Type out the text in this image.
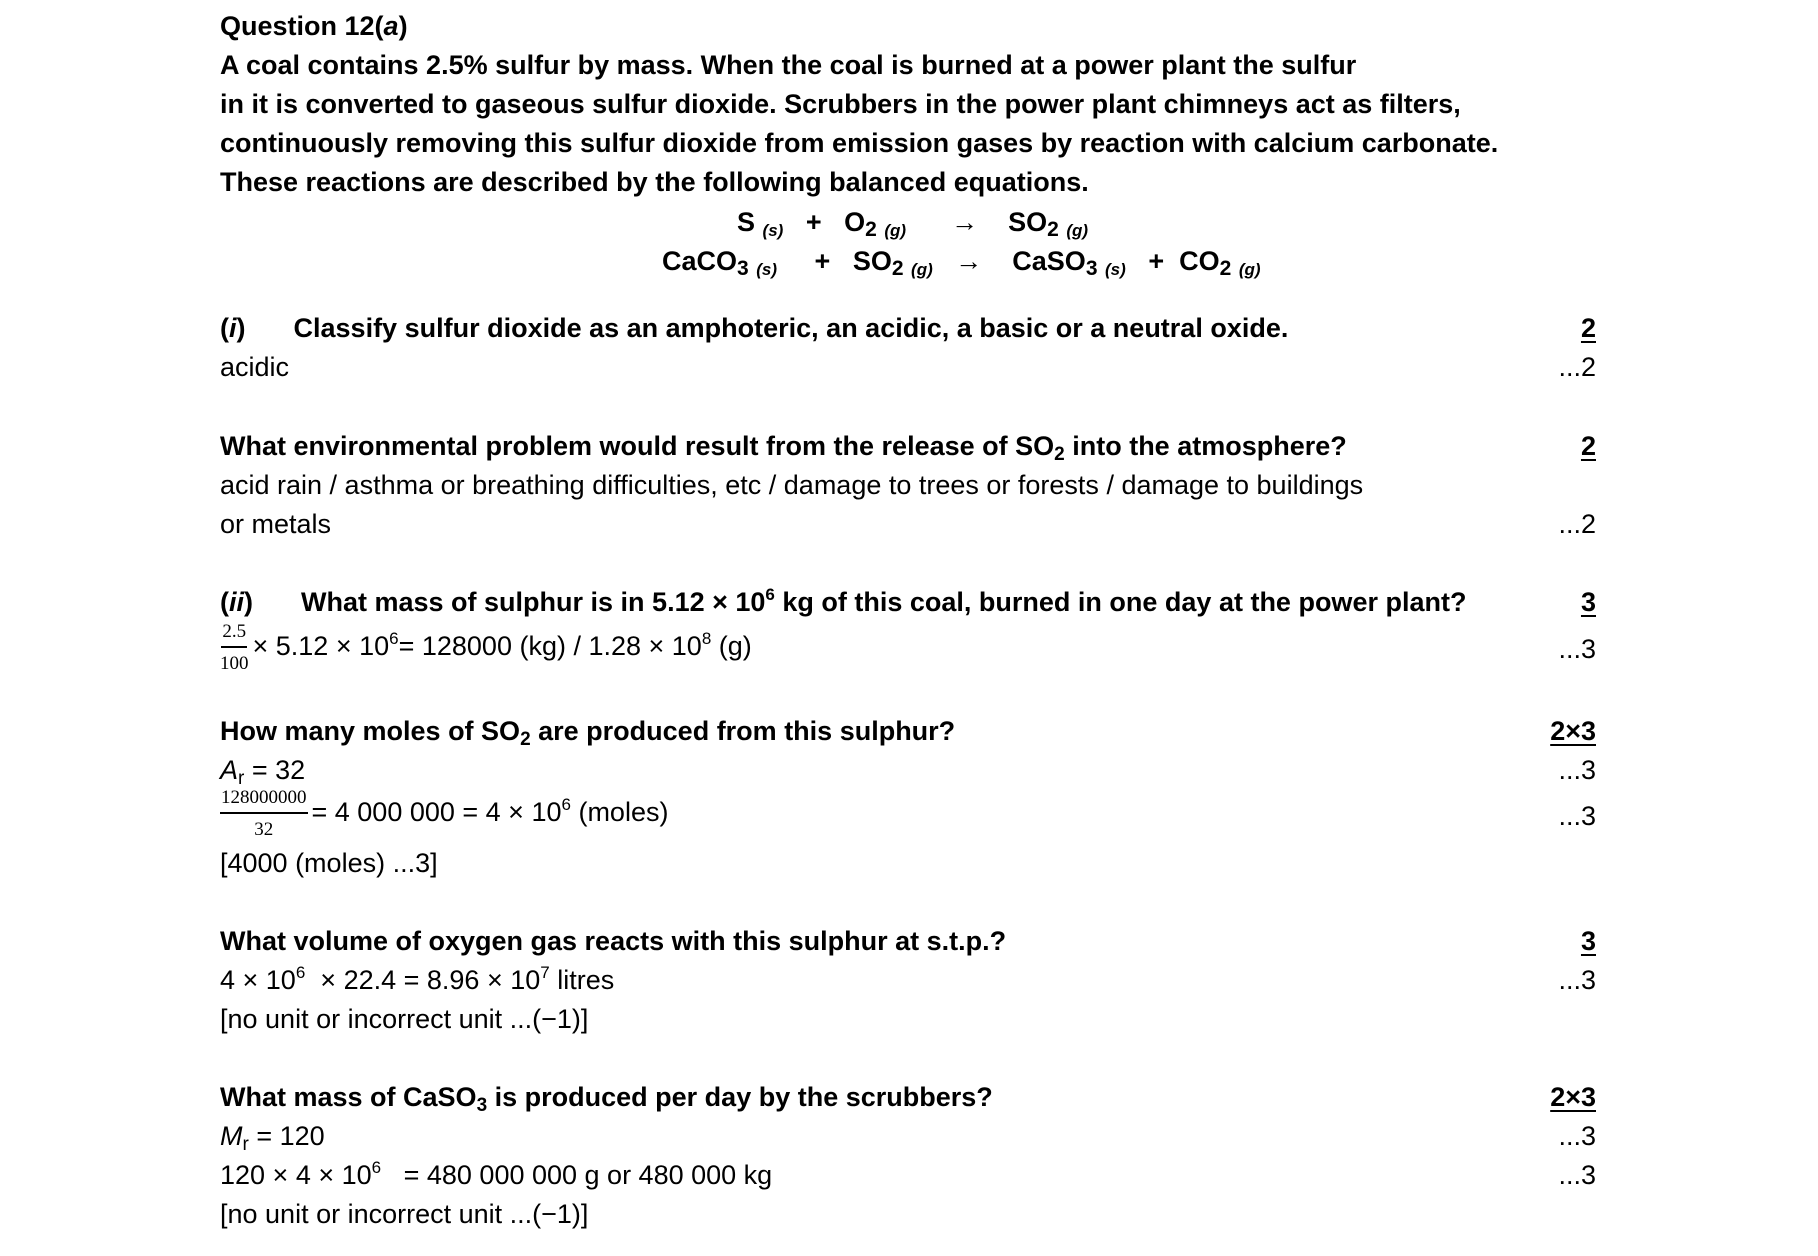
Question 12(a)
A coal contains 2.5% sulfur by mass. When the coal is burned at a power plant the sulfur
in it is converted to gaseous sulfur dioxide. Scrubbers in the power plant chimneys act as filters,
continuously removing this sulfur dioxide from emission gases by reaction with calcium carbonate.
These reactions are described by the following balanced equations.
S (s) + O2 (g) → SO2 (g)
CaCO3 (s) + SO2 (g) → CaSO3 (s) + CO2 (g)
(i) Classify sulfur dioxide as an amphoteric, an acidic, a basic or a neutral oxide.	2
acidic	...2
What environmental problem would result from the release of $SO_2$ into the atmosphere?	2
acid rain / asthma or breathing difficulties, etc / damage to trees or forests / damage to buildings
or metals	...2
(ii) What mass of sulphur is in $5.12 \times 10^6$ kg of this coal, burned in one day at the power plant?	3
$\frac{2.5}{100} \times 5.12 \times 10^6= 128000$ $(kg) / 1.28 \times 10^8$ (g)	...3
How many moles of $SO_2$ are produced from this sulphur?	2×3
$A_r = 32$	...3
$\frac{128000000}{32} = 4$ 000 $000 = 4 \times 10^6$ (moles)	...3
[4000 (moles) ...3]
What volume of oxygen gas reacts with this sulphur at s.t.p.?	3
$4 \times 10^6 \times 22.4 = 8.96 \times 10^7$ litres	...3
[no unit or incorrect unit ...(−1)]
What mass of CaSO$_3$ is produced per day by the scrubbers?	2×3
$M_r = 120$	...3
$120 \times 4 \times 10^6 = 480$ 000 000 g or 480 000 kg	...3
[no unit or incorrect unit ...(−1)]
